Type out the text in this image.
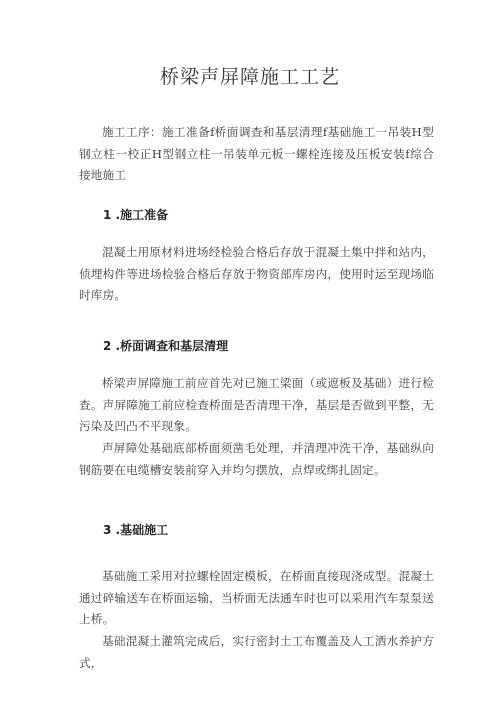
桥梁声屏障施工工艺

施工工序：施工准备f桥面调查和基层清理f基础施工一吊装H型钢立柱一校正H型钢立柱一吊装单元板一螺栓连接及压板安装f综合接地施工

1 .施工准备

混凝土用原材料进场经检验合格后存放于混凝土集中拌和站内，侦埋构件等进场检验合格后存放于物资部库房内，使用时运至现场临时库房。

2 .桥面调查和基层清理

桥梁声屏障施工前应首先对已施工梁面（或遮板及基础）进行检查。声屏障施工前应检查桥面是否清理干净，基层是否做到平整，无污染及凹凸不平现象。

声屏障处基础底部桥面须凿毛处理，并清理冲洗干净，基础纵向钢筋要在电缆槽安装前穿入并均匀摆放，点焊或绑扎固定。

3 .基础施工

基础施工采用对拉螺栓固定模板，在桥面直接现浇成型。混凝土通过碎输送车在桥面运输，当桥面无法通车时也可以采用汽车泵泵送上桥。

基础混凝土灌筑完成后，实行密封土工布覆盖及人工洒水养护方式，
